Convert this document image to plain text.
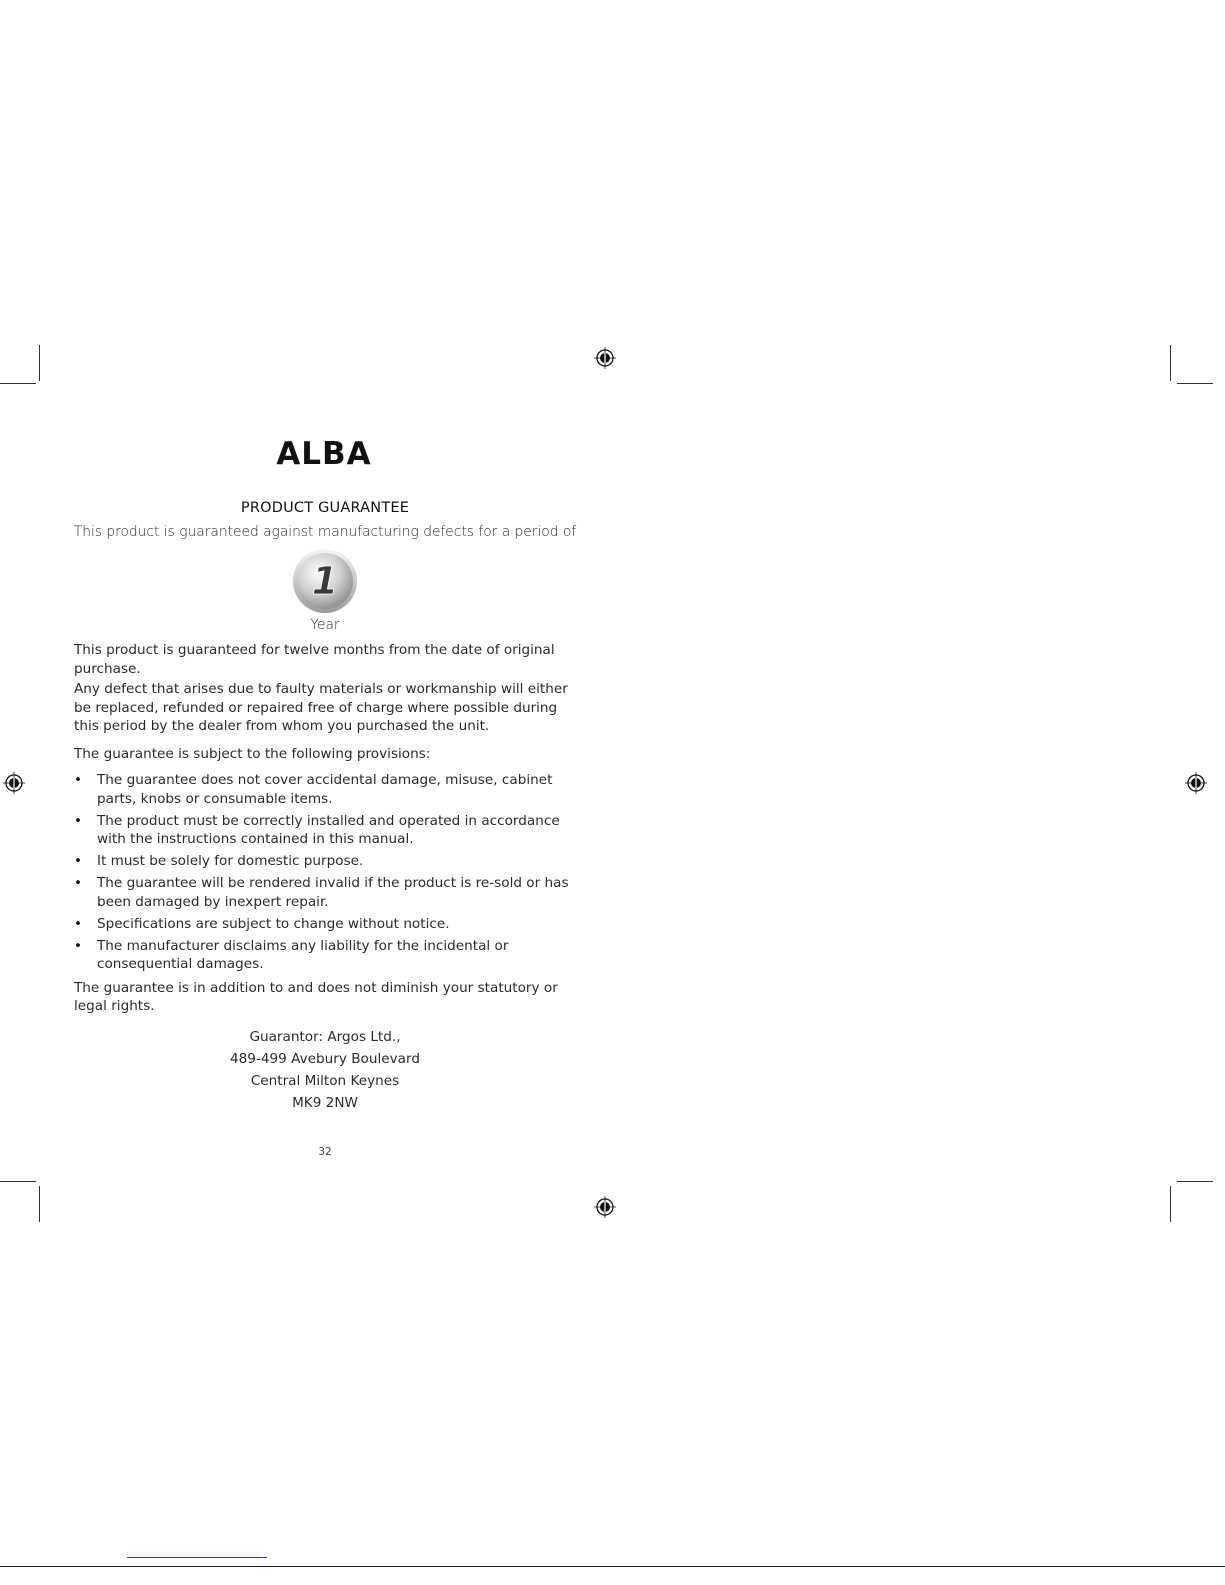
ALBA
PRODUCT GUARANTEE
This product is guaranteed against manufacturing defects for a period of
1
Year

This product is guaranteed for twelve months from the date of original purchase.

Any defect that arises due to faulty materials or workmanship will either be replaced, refunded or repaired free of charge where possible during this period by the dealer from whom you purchased the unit.

The guarantee is subject to the following provisions:

• The guarantee does not cover accidental damage, misuse, cabinet parts, knobs or consumable items.
• The product must be correctly installed and operated in accordance with the instructions contained in this manual.
• It must be solely for domestic purpose.
• The guarantee will be rendered invalid if the product is re-sold or has been damaged by inexpert repair.
• Specifications are subject to change without notice.
• The manufacturer disclaims any liability for the incidental or consequential damages.

The guarantee is in addition to and does not diminish your statutory or legal rights.

Guarantor: Argos Ltd.,
489-499 Avebury Boulevard
Central Milton Keynes
MK9 2NW
32
